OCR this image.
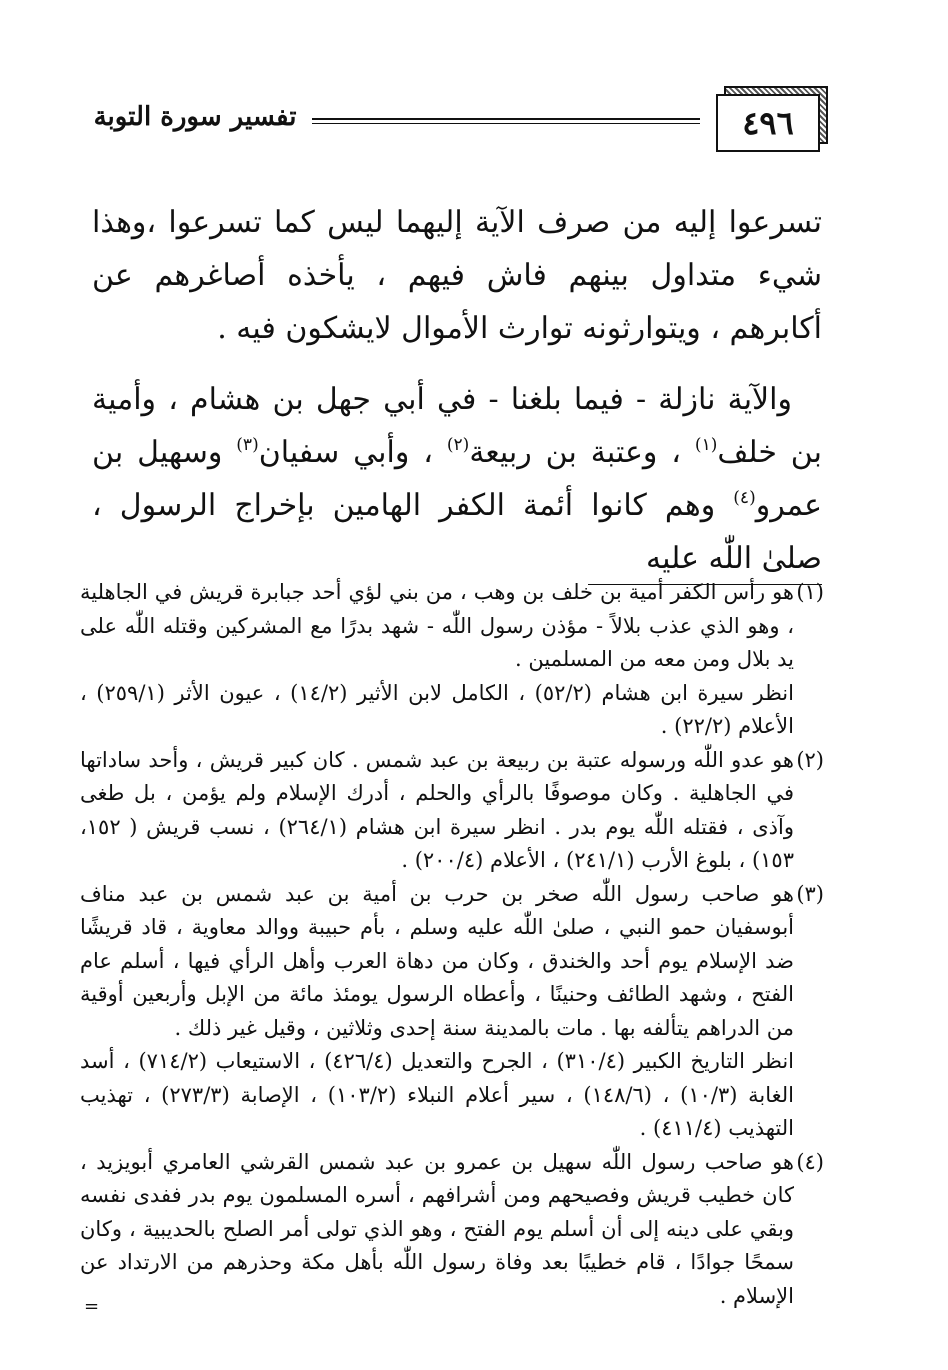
٤٩٦
تفسير سورة التوبة

تسرعوا إليه من صرف الآية إليهما ليس كما تسرعوا ،وهذا شيء متداول بينهم فاش فيهم ، يأخذه أصاغرهم عن أكابرهم ، ويتوارثونه توارث الأموال لايشكون فيه .

والآية نازلة - فيما بلغنا - في أبي جهل بن هشام ، وأمية بن خلف$^{(١)}$ ، وعتبة بن ربيعة$^{(٢)}$ ، وأبي سفيان$^{(٣)}$ وسهيل بن عمرو$^{(٤)}$ وهم كانوا أئمة الكفر الهامين بإخراج الرسول ، صلىٰ اللّٰه عليه

(١)
هو رأس الكفر أمية بن خلف بن وهب ، من بني لؤي أحد جبابرة قريش في الجاهلية ، وهو الذي عذب بلالاً - مؤذن رسول اللّٰه - شهد بدرًا مع المشركين وقتله اللّٰه على يد بلال ومن معه من المسلمين .
انظر سيرة ابن هشام (٥٢/٢) ، الكامل لابن الأثير (١٤/٢) ، عيون الأثر (٢٥٩/١) ، الأعلام (٢٢/٢) .
(٢)
هو عدو اللّٰه ورسوله عتبة بن ربيعة بن عبد شمس . كان كبير قريش ، وأحد ساداتها في الجاهلية . وكان موصوفًا بالرأي والحلم ، أدرك الإسلام ولم يؤمن ، بل طغى وآذى ، فقتله اللّٰه يوم بدر . انظر سيرة ابن هشام (٢٦٤/١) ، نسب قريش ( ١٥٢، ١٥٣) ، بلوغ الأرب (٢٤١/١) ، الأعلام (٢٠٠/٤) .
(٣)
هو صاحب رسول اللّٰه صخر بن حرب بن أمية بن عبد شمس بن عبد مناف أبوسفيان حمو النبي ، صلىٰ اللّٰه عليه وسلم ، بأم حبيبة ووالد معاوية ، قاد قريشًا ضد الإسلام يوم أحد والخندق ، وكان من دهاة العرب وأهل الرأي فيها ، أسلم عام الفتح ، وشهد الطائف وحنينًا ، وأعطاه الرسول يومئذ مائة من الإبل وأربعين أوقية من الدراهم يتألفه بها . مات بالمدينة سنة إحدى وثلاثين ، وقيل غير ذلك .
انظر التاريخ الكبير (٣١٠/٤) ، الجرح والتعديل (٤٢٦/٤) ، الاستيعاب (٧١٤/٢) ، أسد الغابة (١٠/٣) ، (١٤٨/٦) ، سير أعلام النبلاء (١٠٣/٢) ، الإصابة (٢٧٣/٣) ، تهذيب التهذيب (٤١١/٤) .
(٤)
هو صاحب رسول اللّٰه سهيل بن عمرو بن عبد شمس القرشي العامري أبويزيد ، كان خطيب قريش وفصيحهم ومن أشرافهم ، أسره المسلمون يوم بدر ففدى نفسه وبقي على دينه إلى أن أسلم يوم الفتح ، وهو الذي تولى أمر الصلح بالحديبية ، وكان سمحًا جوادًا ، قام خطيبًا بعد وفاة رسول اللّٰه بأهل مكة وحذرهم من الارتداد عن الإسلام .
=
